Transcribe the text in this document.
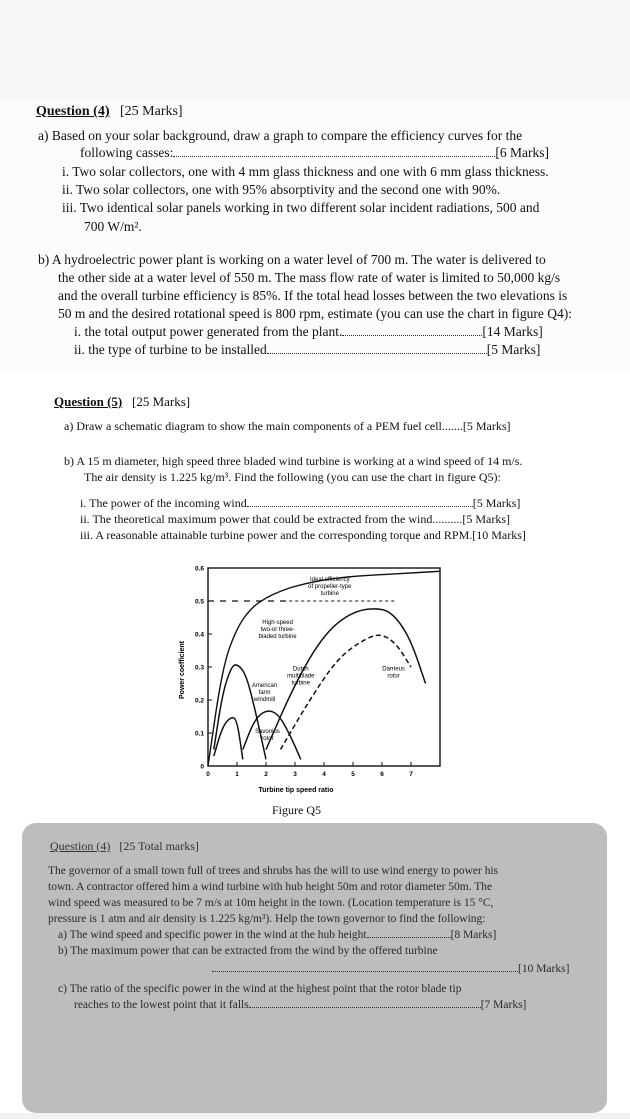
Question (4) [25 Marks]
a) Based on your solar background, draw a graph to compare the efficiency curves for the
following casses:	[6 Marks]
i. Two solar collectors, one with 4 mm glass thickness and one with 6 mm glass thickness.
ii. Two solar collectors, one with 95% absorptivity and the second one with 90%.
iii. Two identical solar panels working in two different solar incident radiations, 500 and
700 W/m².
b) A hydroelectric power plant is working on a water level of 700 m. The water is delivered to
the other side at a water level of 550 m. The mass flow rate of water is limited to 50,000 kg/s
and the overall turbine efficiency is 85%. If the total head losses between the two elevations is
50 m and the desired rotational speed is 800 rpm, estimate (you can use the chart in figure Q4):
i. the total output power generated from the plant.	[14 Marks]
ii. the type of turbine to be installed	[5 Marks]
Question (5) [25 Marks]
a) Draw a schematic diagram to show the main components of a PEM fuel cell.......[5 Marks]
b) A 15 m diameter, high speed three bladed wind turbine is working at a wind speed of 14 m/s.
The air density is 1.225 kg/m³. Find the following (you can use the chart in figure Q5):
i. The power of the incoming wind	[5 Marks]
ii. The theoretical maximum power that could be extracted from the wind..........[5 Marks]
iii. A reasonable attainable turbine power and the corresponding torque and RPM.[10 Marks]
0	1	2	3	4	5	6	7
0
0.1
0.2
0.3
0.4
0.5
0.6
Ideal efficiency
of propeller-type
turbine
High-speed
two-or three-
bladed turbine
Dutch
multiblade
turbine
American
farm
windmill
Savonius
rotor
Darrieus
rotor
Power coefficient
Turbine tip speed ratio
Figure Q5
Question (4) [25 Total marks]
The governor of a small town full of trees and shrubs has the will to use wind energy to power his
town. A contractor offered him a wind turbine with hub height 50m and rotor diameter 50m. The
wind speed was measured to be 7 m/s at 10m height in the town. (Location temperature is 15 °C,
pressure is 1 atm and air density is 1.225 kg/m³). Help the town governor to find the following:
a) The wind speed and specific power in the wind at the hub height	[8 Marks]
b) The maximum power that can be extracted from the wind by the offered turbine
[10 Marks]
c) The ratio of the specific power in the wind at the highest point that the rotor blade tip
reaches to the lowest point that it falls	[7 Marks]
